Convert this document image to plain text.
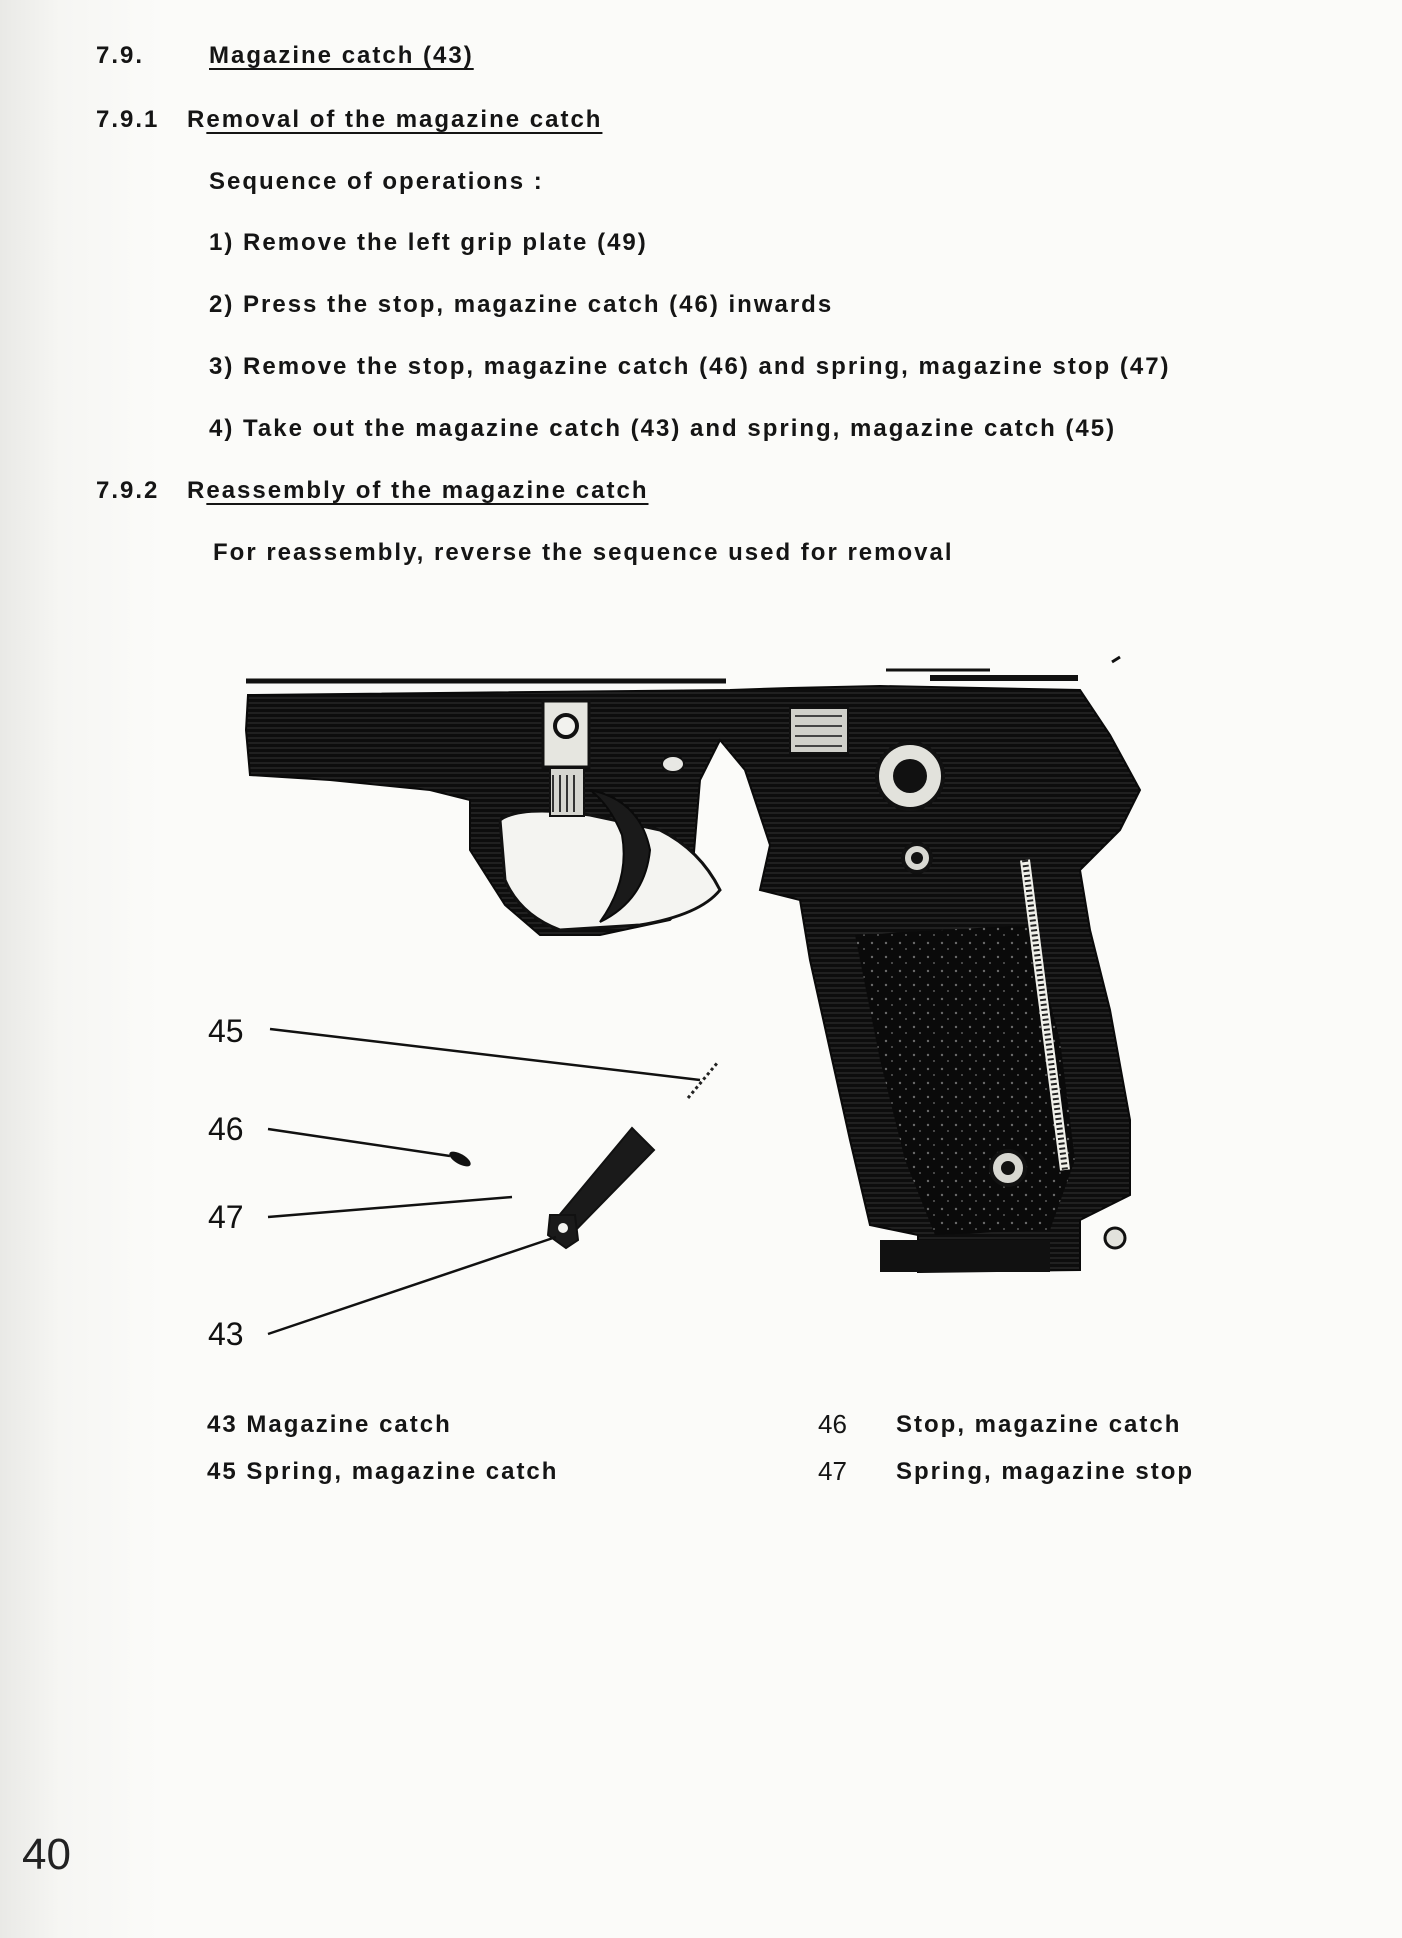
7.9.	Magazine catch (43)
7.9.1 Removal of the magazine catch
Sequence of operations :
1) Remove the left grip plate (49)
2) Press the stop, magazine catch (46) inwards
3) Remove the stop, magazine catch (46) and spring, magazine stop (47)
4) Take out the magazine catch (43) and spring, magazine catch (45)
7.9.2 Reassembly of the magazine catch
For reassembly, reverse the sequence used for removal
45
46
47
43
43 Magazine catch
45 Spring, magazine catch
46 Stop, magazine catch
47 Spring, magazine stop
40
